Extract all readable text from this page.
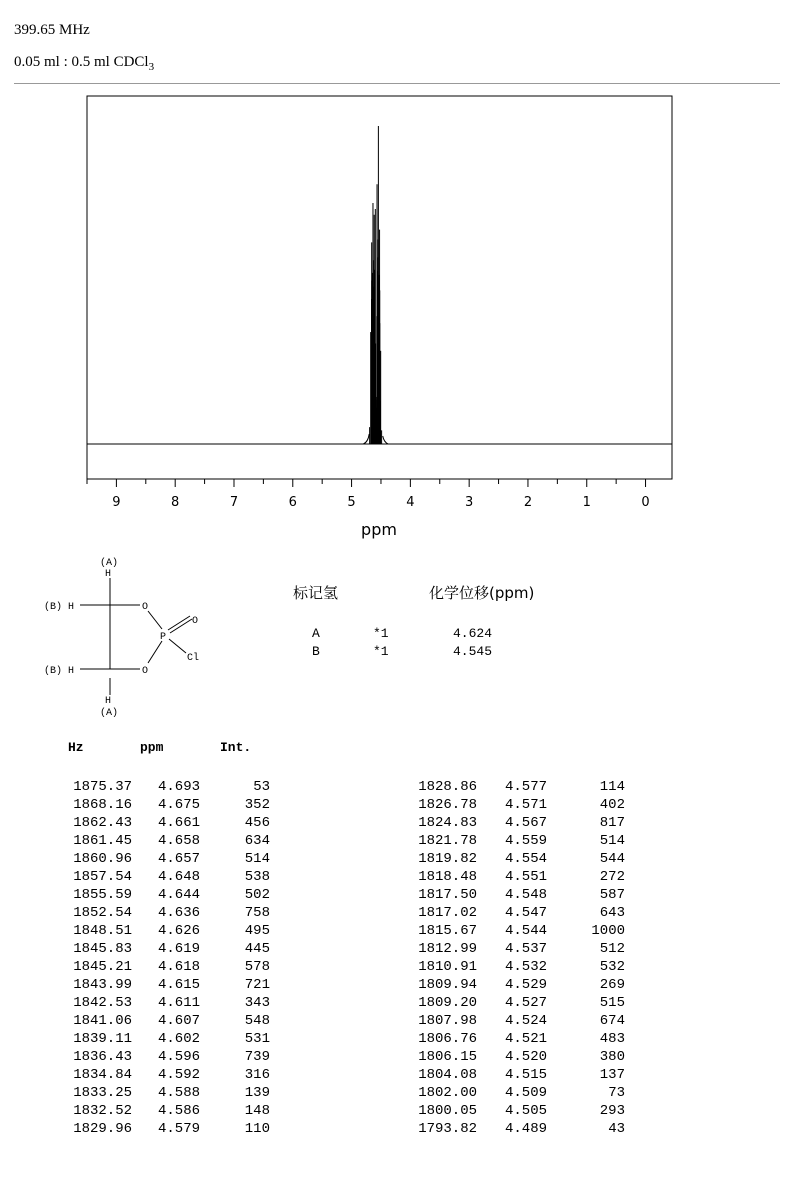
399.65 MHz
0.05 ml : 0.5 ml CDCl$_3$
9	8	7	6	5	4	3	2	1	0
ppm
(A)
H
(B) H	O
O
P
Cl
(B) H	O
H
(A)
标记氢	化学位移(ppm)
A	*1	4.624
B	*1	4.545
Hz	ppm	Int.
1875.37 4.693	53
1868.16 4.675	352
1862.43 4.661	456
1861.45 4.658	634
1860.96 4.657	514
1857.54 4.648	538
1855.59 4.644	502
1852.54 4.636	758
1848.51 4.626	495
1845.83 4.619	445
1845.21 4.618	578
1843.99 4.615	721
1842.53 4.611	343
1841.06 4.607	548
1839.11 4.602	531
1836.43 4.596	739
1834.84 4.592	316
1833.25 4.588	139
1832.52 4.586	148
1829.96 4.579	110
1828.86 4.577	114
1826.78 4.571	402
1824.83 4.567	817
1821.78 4.559	514
1819.82 4.554	544
1818.48 4.551	272
1817.50 4.548	587
1817.02 4.547	643
1815.67 4.544	1000
1812.99 4.537	512
1810.91 4.532	532
1809.94 4.529	269
1809.20 4.527	515
1807.98 4.524	674
1806.76 4.521	483
1806.15 4.520	380
1804.08 4.515	137
1802.00 4.509	73
1800.05 4.505	293
1793.82 4.489	43
